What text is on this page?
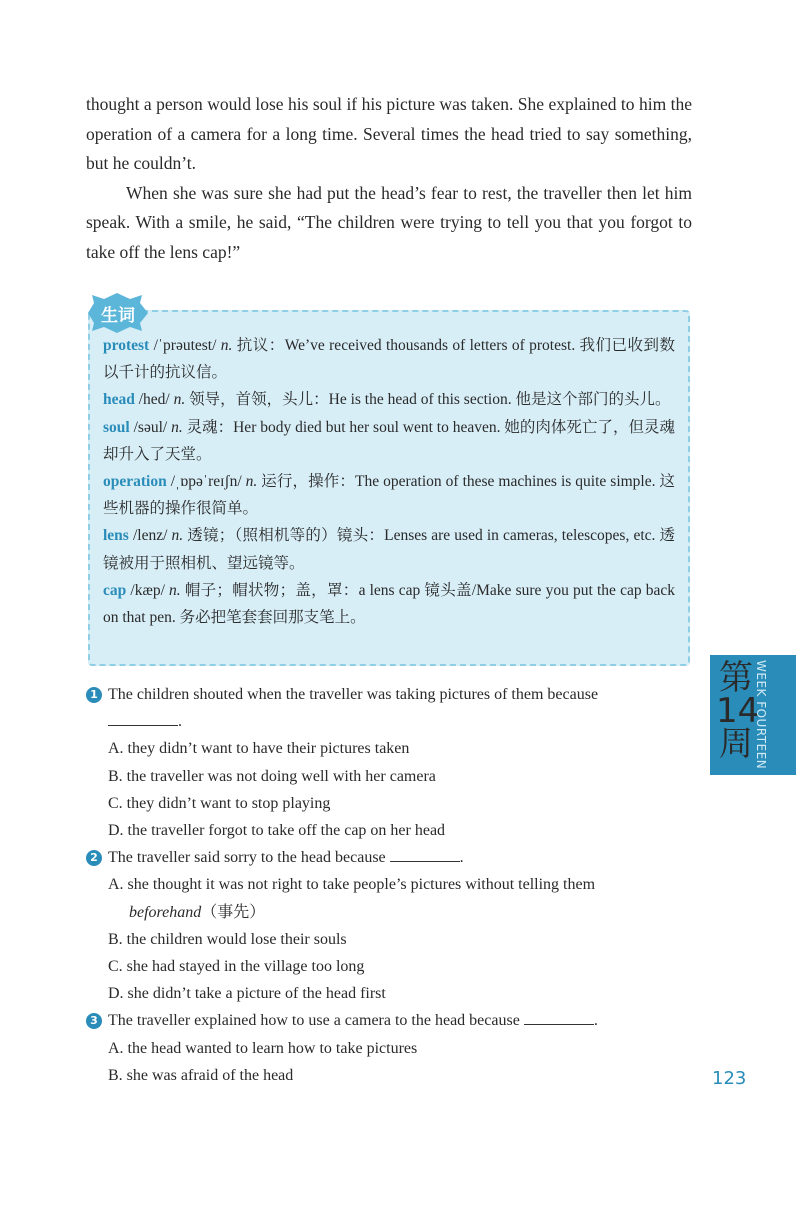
thought a person would lose his soul if his picture was taken. She explained to him the operation of a camera for a long time. Several times the head tried to say something, but he couldn’t.

When she was sure she had put the head’s fear to rest, the traveller then let him speak. With a smile, he said, “The children were trying to tell you that you forgot to take off the lens cap!”

生词

protest /ˈprəutest/ n. 抗议：We’ve received thousands of letters of protest. 我们已收到数以千计的抗议信。

head /hed/ n. 领导，首领，头儿：He is the head of this section. 他是这个部门的头儿。

soul /səul/ n. 灵魂：Her body died but her soul went to heaven. 她的肉体死亡了，但灵魂却升入了天堂。

operation /ˌɒpəˈreɪʃn/ n. 运行，操作：The operation of these machines is quite simple. 这些机器的操作很简单。

lens /lenz/ n. 透镜；（照相机等的）镜头：Lenses are used in cameras, telescopes, etc. 透镜被用于照相机、望远镜等。

cap /kæp/ n. 帽子；帽状物；盖，罩：a lens cap 镜头盖/Make sure you put the cap back on that pen. 务必把笔套套回那支笔上。

1 The children shouted when the traveller was taking pictures of them because
.

A. they didn’t want to have their pictures taken

B. the traveller was not doing well with her camera

C. they didn’t want to stop playing

D. the traveller forgot to take off the cap on her head

2 The traveller said sorry to the head because	.

A. she thought it was not right to take people’s pictures without telling them

beforehand（事先）

B. the children would lose their souls

C. she had stayed in the village too long

D. she didn’t take a picture of the head first

3 The traveller explained how to use a camera to the head because	.

A. the head wanted to learn how to take pictures

B. she was afraid of the head

第14周 WEEK FOURTEEN
123
